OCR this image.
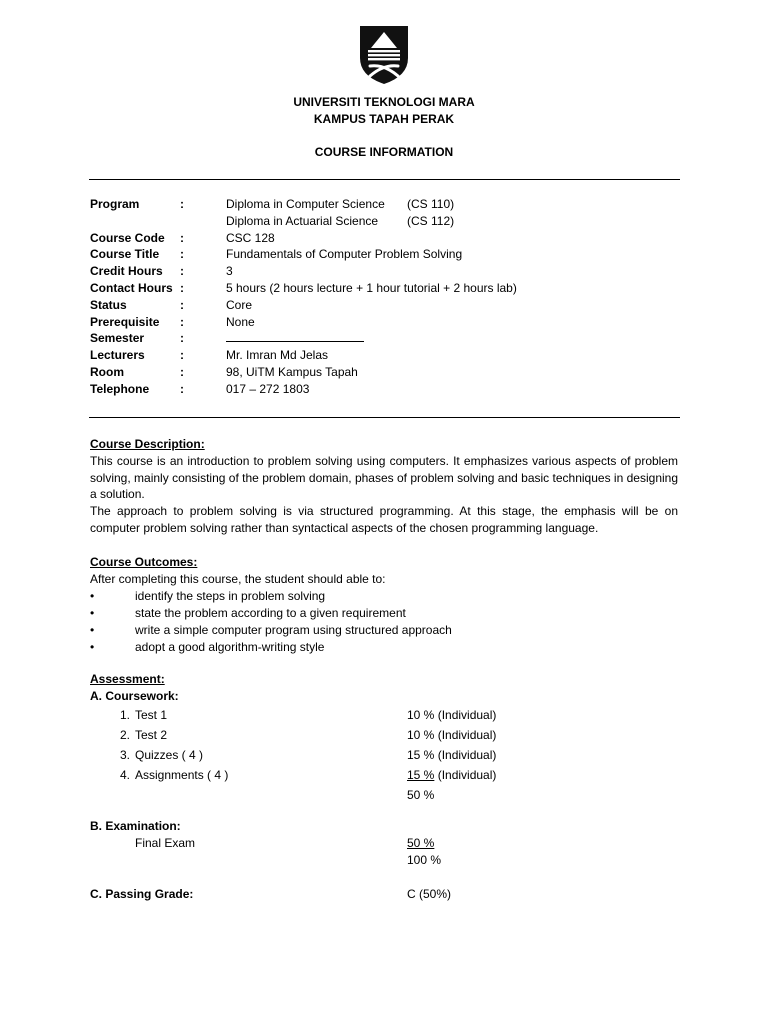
UNIVERSITI TEKNOLOGI MARA
KAMPUS TAPAH PERAK
COURSE INFORMATION
Program	:	Diploma in Computer Science (CS 110)
Diploma in Actuarial Science (CS 112)
Course Code :	CSC 128
Course Title :	Fundamentals of Computer Problem Solving
Credit Hours :	3
Contact Hours :	5 hours (2 hours lecture + 1 hour tutorial + 2 hours lab)
Status	:	Core
Prerequisite :	None
Semester	:
Lecturers	:	Mr. Imran Md Jelas
Room	:	98, UiTM Kampus Tapah
Telephone	:	017 – 272 1803
Course Description:

This course is an introduction to problem solving using computers. It emphasizes various aspects of problem solving, mainly consisting of the problem domain, phases of problem solving and basic techniques in designing a solution.

The approach to problem solving is via structured programming. At this stage, the emphasis will be on computer problem solving rather than syntactical aspects of the chosen programming language.

Course Outcomes:
After completing this course, the student should able to:
•	identify the steps in problem solving
•	state the problem according to a given requirement
•	write a simple computer program using structured approach
•	adopt a good algorithm-writing style
Assessment:
A. Coursework:
1. Test 1	10 % (Individual)
2. Test 2	10 % (Individual)
3. Quizzes ( 4 )	15 % (Individual)
4. Assignments ( 4 )	15 % (Individual)
50 %
B. Examination:
Final Exam	50 %
100 %
C. Passing Grade:	C (50%)
